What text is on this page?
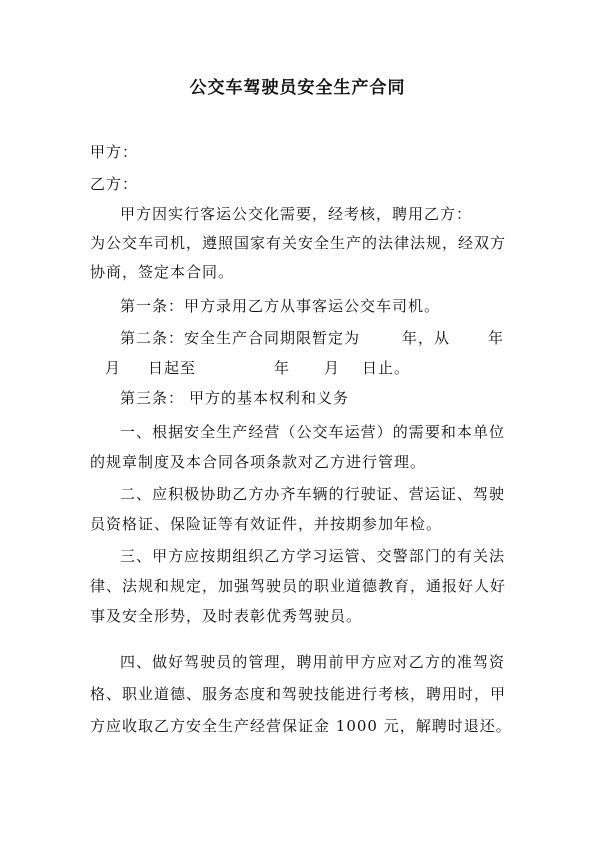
公交车驾驶员安全生产合同
甲方：
乙方：
甲方因实行客运公交化需要，经考核，聘用乙方：
为公交车司机，遵照国家有关安全生产的法律法规，经双方
协商，签定本合同。
第一条：甲方录用乙方从事客运公交车司机。
第二条：安全生产合同期限暂定为	年，从	年
月 日起至	年 月 日止。
第三条： 甲方的基本权利和义务
一、根据安全生产经营（公交车运营）的需要和本单位
的规章制度及本合同各项条款对乙方进行管理。
二、应积极协助乙方办齐车辆的行驶证、营运证、驾驶
员资格证、保险证等有效证件，并按期参加年检。
三、甲方应按期组织乙方学习运管、交警部门的有关法
律、法规和规定，加强驾驶员的职业道德教育，通报好人好
事及安全形势，及时表彰优秀驾驶员。
四、做好驾驶员的管理，聘用前甲方应对乙方的准驾资
格、职业道德、服务态度和驾驶技能进行考核，聘用时，甲
方应收取乙方安全生产经营保证金 1000 元，解聘时退还。
